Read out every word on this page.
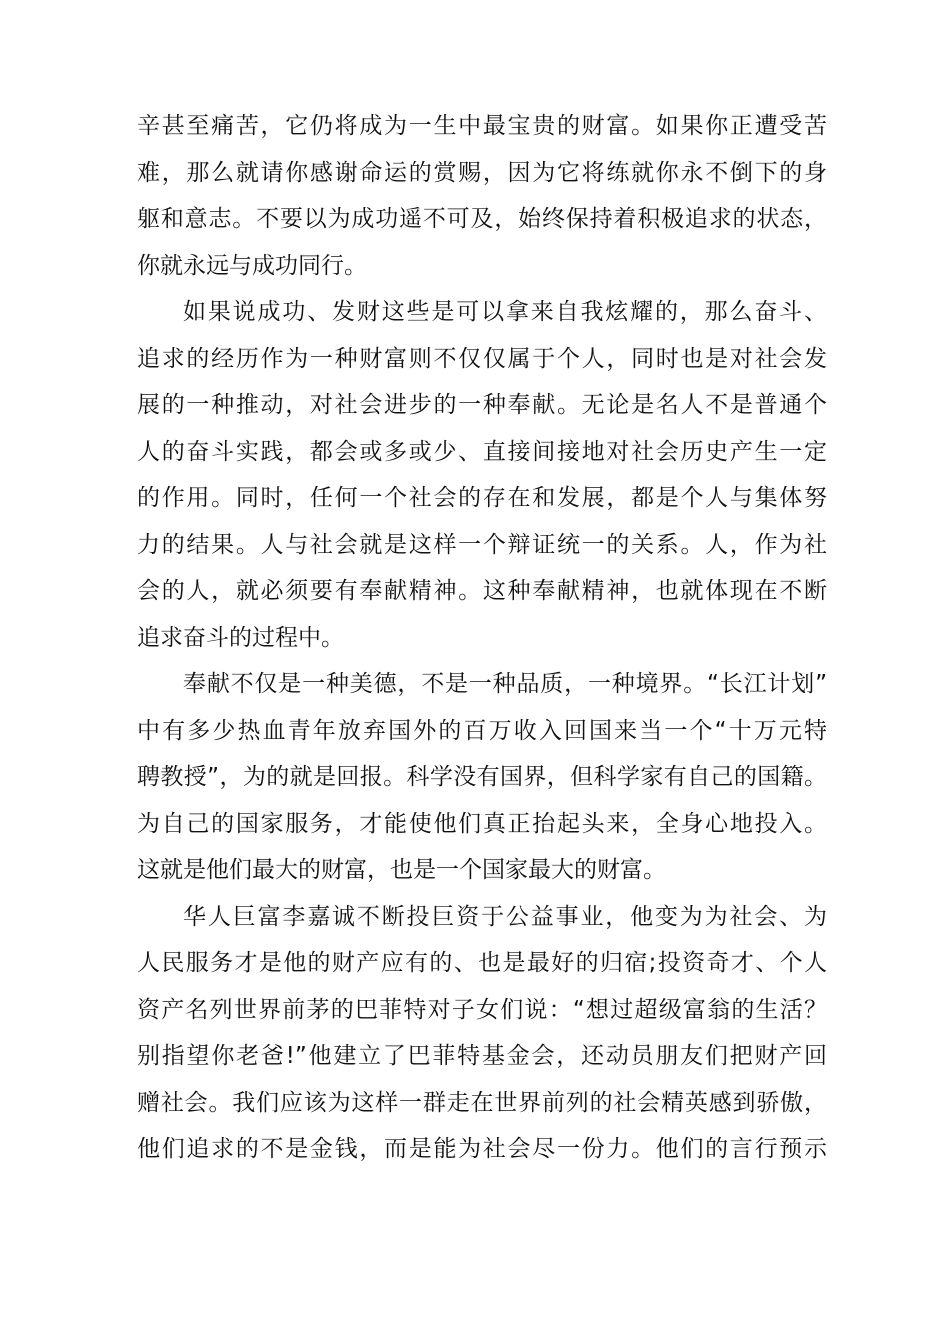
辛甚至痛苦，它仍将成为一生中最宝贵的财富。如果你正遭受苦
难，那么就请你感谢命运的赏赐，因为它将练就你永不倒下的身
躯和意志。不要以为成功遥不可及，始终保持着积极追求的状态，
你就永远与成功同行。
如果说成功、发财这些是可以拿来自我炫耀的，那么奋斗、
追求的经历作为一种财富则不仅仅属于个人，同时也是对社会发
展的一种推动，对社会进步的一种奉献。无论是名人不是普通个
人的奋斗实践，都会或多或少、直接间接地对社会历史产生一定
的作用。同时，任何一个社会的存在和发展，都是个人与集体努
力的结果。人与社会就是这样一个辩证统一的关系。人，作为社
会的人，就必须要有奉献精神。这种奉献精神，也就体现在不断
追求奋斗的过程中。
奉献不仅是一种美德，不是一种品质，一种境界。“长江计划”
中有多少热血青年放弃国外的百万收入回国来当一个“十万元特
聘教授”，为的就是回报。科学没有国界，但科学家有自己的国籍。
为自己的国家服务，才能使他们真正抬起头来，全身心地投入。
这就是他们最大的财富，也是一个国家最大的财富。
华人巨富李嘉诚不断投巨资于公益事业，他变为为社会、为
人民服务才是他的财产应有的、也是最好的归宿;投资奇才、个人
资产名列世界前茅的巴菲特对子女们说：“想过超级富翁的生活？
别指望你老爸!”他建立了巴菲特基金会，还动员朋友们把财产回
赠社会。我们应该为这样一群走在世界前列的社会精英感到骄傲，
他们追求的不是金钱，而是能为社会尽一份力。他们的言行预示
